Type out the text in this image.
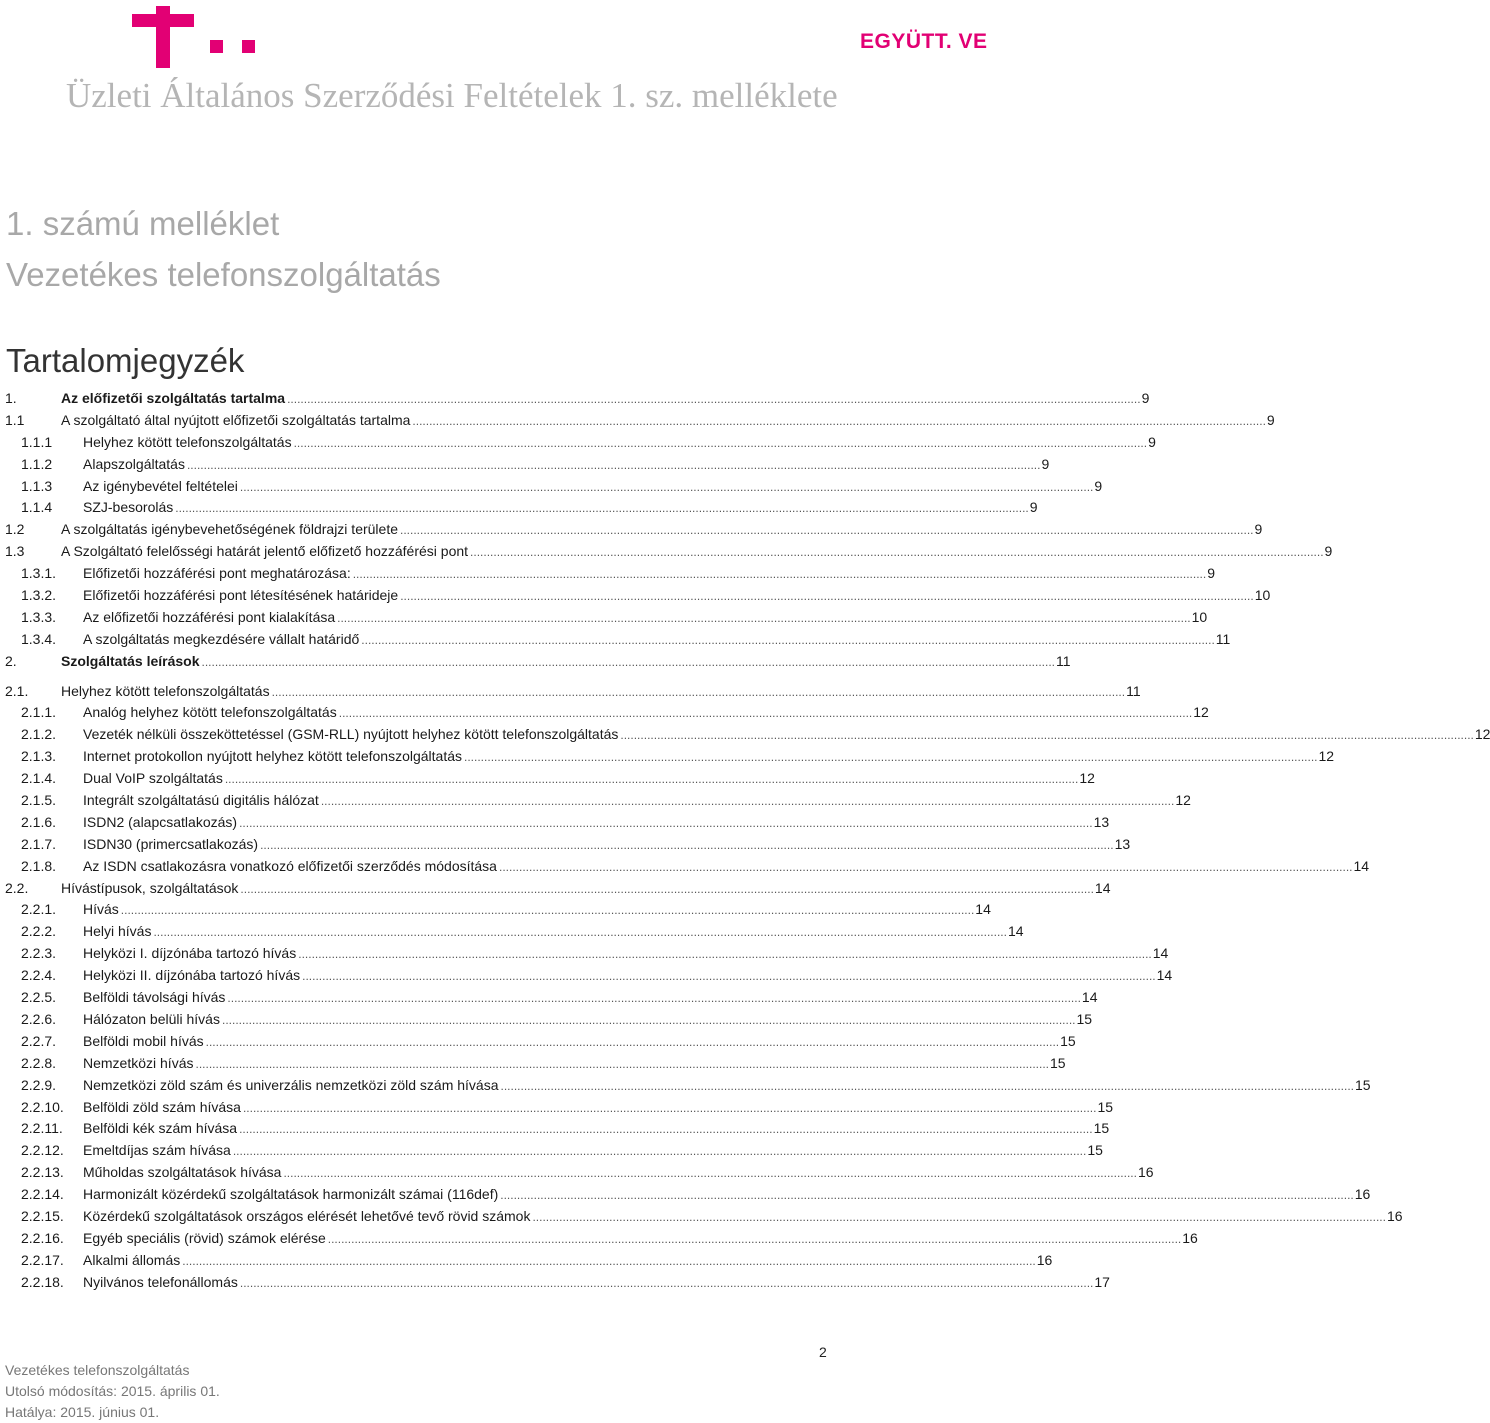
EGYÜTT. VE
Üzleti Általános Szerződési Feltételek 1. sz. melléklete
1. számú melléklet
Vezetékes telefonszolgáltatás
Tartalomjegyzék
1.	Az előfizetői szolgáltatás tartalma .....	9
1.1	A szolgáltató által nyújtott előfizetői szolgáltatás tartalma .....	9
1.1.1	Helyhez kötött telefonszolgáltatás .....	9
1.1.2	Alapszolgáltatás .....	9
1.1.3	Az igénybevétel feltételei .....	9
1.1.4	SZJ-besorolás .....	9
1.2	A szolgáltatás igénybevehetőségének földrajzi területe .....	9
1.3	A Szolgáltató felelősségi határát jelentő előfizető hozzáférési pont .....	9
1.3.1.	Előfizetői hozzáférési pont meghatározása: .....	9
1.3.2.	Előfizetői hozzáférési pont létesítésének határideje .....	10
1.3.3.	Az előfizetői hozzáférési pont kialakítása .....	10
1.3.4.	A szolgáltatás megkezdésére vállalt határidő .....	11
2.	Szolgáltatás leírások .....	11
2.1.	Helyhez kötött telefonszolgáltatás .....	11
2.1.1.	Analóg helyhez kötött telefonszolgáltatás .....	12
2.1.2.	Vezeték nélküli összeköttetéssel (GSM-RLL) nyújtott helyhez kötött telefonszolgáltatás .....	12
2.1.3.	Internet protokollon nyújtott helyhez kötött telefonszolgáltatás .....	12
2.1.4.	Dual VoIP szolgáltatás .....	12
2.1.5.	Integrált szolgáltatású digitális hálózat .....	12
2.1.6.	ISDN2 (alapcsatlakozás) .....	13
2.1.7.	ISDN30 (primercsatlakozás) .....	13
2.1.8.	Az ISDN csatlakozásra vonatkozó előfizetői szerződés módosítása .....	14
2.2.	Hívástípusok, szolgáltatások .....	14
2.2.1.	Hívás .....	14
2.2.2.	Helyi hívás .....	14
2.2.3.	Helyközi I. díjzónába tartozó hívás .....	14
2.2.4.	Helyközi II. díjzónába tartozó hívás .....	14
2.2.5.	Belföldi távolsági hívás .....	14
2.2.6.	Hálózaton belüli hívás .....	15
2.2.7.	Belföldi mobil hívás .....	15
2.2.8.	Nemzetközi hívás .....	15
2.2.9.	Nemzetközi zöld szám és univerzális nemzetközi zöld szám hívása .....	15
2.2.10.	Belföldi zöld szám hívása .....	15
2.2.11.	Belföldi kék szám hívása .....	15
2.2.12.	Emeltdíjas szám hívása .....	15
2.2.13.	Műholdas szolgáltatások hívása .....	16
2.2.14.	Harmonizált közérdekű szolgáltatások harmonizált számai (116def) .....	16
2.2.15.	Közérdekű szolgáltatások országos elérését lehetővé tevő rövid számok .....	16
2.2.16.	Egyéb speciális (rövid) számok elérése .....	16
2.2.17.	Alkalmi állomás .....	16
2.2.18.	Nyilvános telefonállomás .....	17
2
Vezetékes telefonszolgáltatás
Utolsó módosítás: 2015. április 01.
Hatálya: 2015. június 01.
